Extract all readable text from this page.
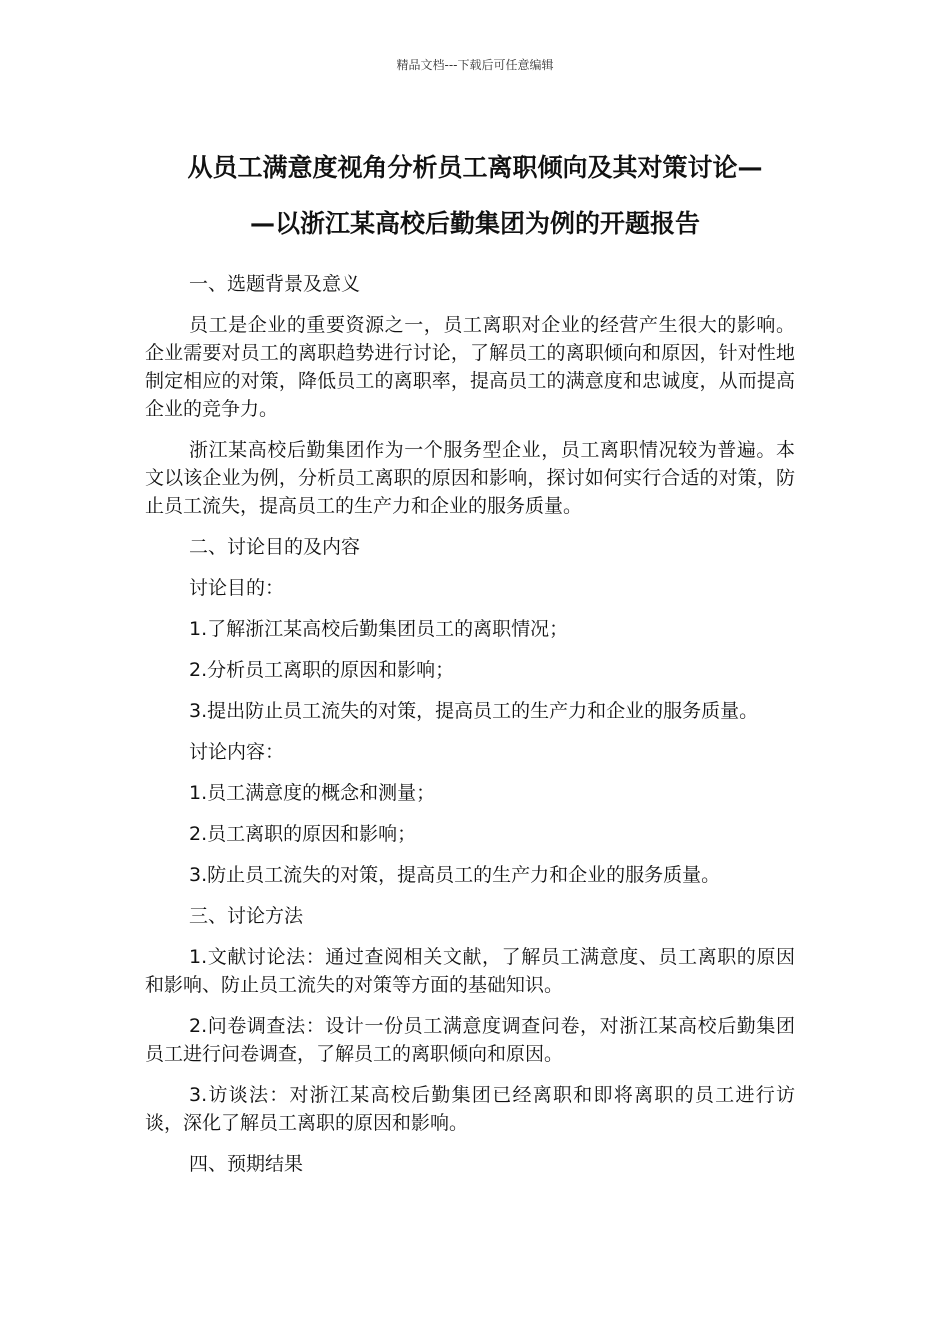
精品文档---下载后可任意编辑
从员工满意度视角分析员工离职倾向及其对策讨论—
—以浙江某高校后勤集团为例的开题报告

一、选题背景及意义

员工是企业的重要资源之一，员工离职对企业的经营产生很大的影响。企业需要对员工的离职趋势进行讨论，了解员工的离职倾向和原因，针对性地制定相应的对策，降低员工的离职率，提高员工的满意度和忠诚度，从而提高企业的竞争力。

浙江某高校后勤集团作为一个服务型企业，员工离职情况较为普遍。本文以该企业为例，分析员工离职的原因和影响，探讨如何实行合适的对策，防止员工流失，提高员工的生产力和企业的服务质量。

二、讨论目的及内容

讨论目的：

1.了解浙江某高校后勤集团员工的离职情况；

2.分析员工离职的原因和影响；

3.提出防止员工流失的对策，提高员工的生产力和企业的服务质量。

讨论内容：

1.员工满意度的概念和测量；

2.员工离职的原因和影响；

3.防止员工流失的对策，提高员工的生产力和企业的服务质量。

三、讨论方法

1.文献讨论法：通过查阅相关文献，了解员工满意度、员工离职的原因和影响、防止员工流失的对策等方面的基础知识。

2.问卷调查法：设计一份员工满意度调查问卷，对浙江某高校后勤集团员工进行问卷调查，了解员工的离职倾向和原因。

3.访谈法：对浙江某高校后勤集团已经离职和即将离职的员工进行访谈，深化了解员工离职的原因和影响。

四、预期结果
